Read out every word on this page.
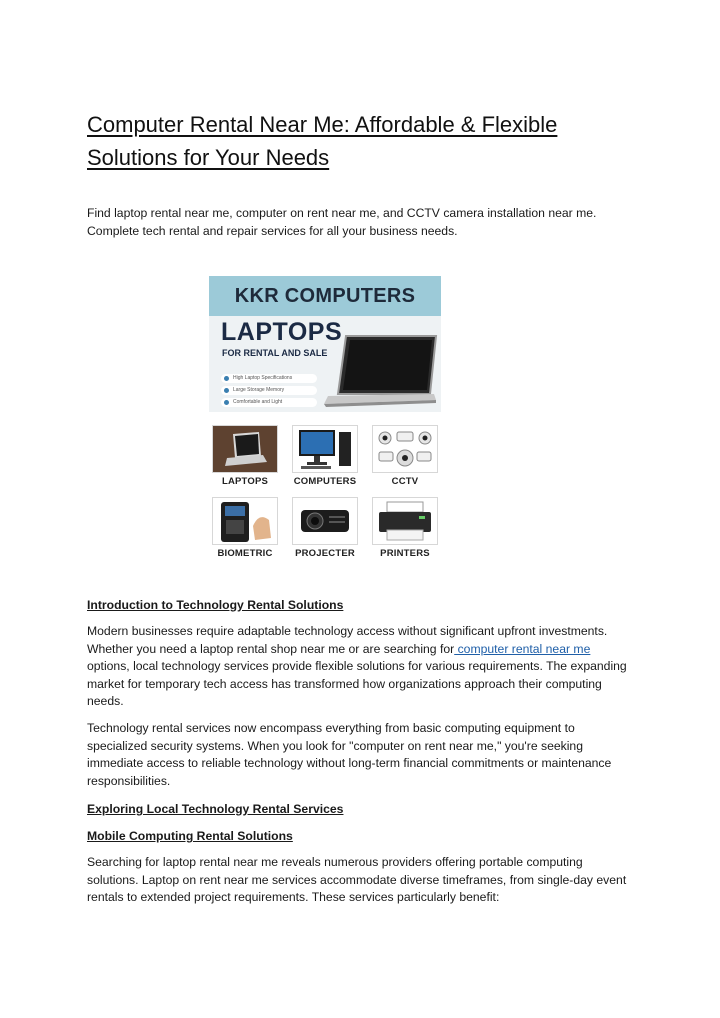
Computer Rental Near Me: Affordable & Flexible Solutions for Your Needs

Find laptop rental near me, computer on rent near me, and CCTV camera installation near me. Complete tech rental and repair services for all your business needs.

KKR COMPUTERS
LAPTOPS
FOR RENTAL AND SALE
High Laptop Specifications
Large Storage Memory
Comfortable and Light
LAPTOPS	COMPUTERS	CCTV
BIOMETRIC	PROJECTER	PRINTERS
Introduction to Technology Rental Solutions

Modern businesses require adaptable technology access without significant upfront investments. Whether you need a laptop rental shop near me or are searching for computer rental near me options, local technology services provide flexible solutions for various requirements. The expanding market for temporary tech access has transformed how organizations approach their computing needs.

Technology rental services now encompass everything from basic computing equipment to specialized security systems. When you look for "computer on rent near me," you're seeking immediate access to reliable technology without long-term financial commitments or maintenance responsibilities.

Exploring Local Technology Rental Services
Mobile Computing Rental Solutions

Searching for laptop rental near me reveals numerous providers offering portable computing solutions. Laptop on rent near me services accommodate diverse timeframes, from single-day event rentals to extended project requirements. These services particularly benefit:
